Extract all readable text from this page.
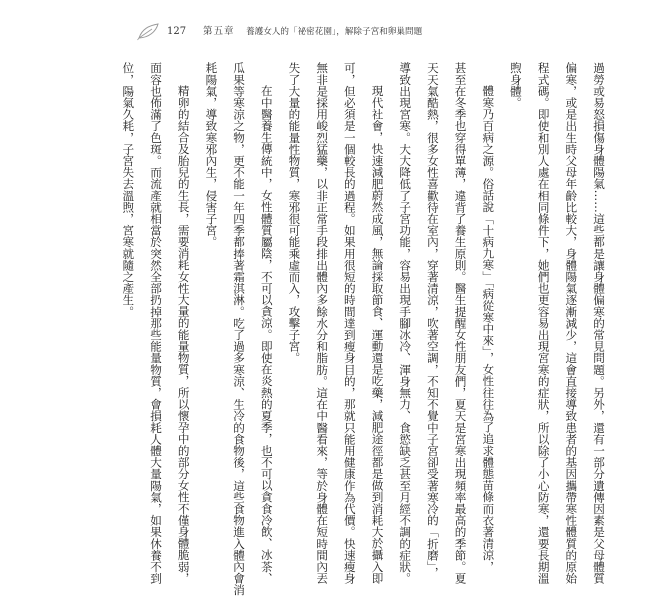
127 第五章 養護女人的「祕密花園」，解除子宮和卵巢問題
過勞或易怒損傷身體陽氣……這些都是讓身體偏寒的常見問題。另外，還有一部分遺傳因素是父母體質
偏寒，或是出生時父母年齡比較大，身體陽氣逐漸減少，這會直接導致患者的基因攜帶寒性體質的原始
程式碼。即使和別人處在相同條件下，她們也更容易出現宮寒的症狀，所以除了小心防寒，還要長期溫
煦身體。
體寒乃百病之源。俗話說「十病九寒」「病從寒中來」，女性往往為了追求體態苗條而衣著清涼，
甚至在冬季也穿得單薄，違背了養生原則。醫生提醒女性朋友們，夏天是宮寒出現頻率最高的季節。夏
天天氣酷熱，很多女性喜歡待在室內，穿著清涼，吹著空調，不知不覺中子宮卻受著寒冷的「折磨」，
導致出現宮寒。大大降低了子宮功能，容易出現手腳冰冷、渾身無力、食慾缺乏甚至月經不調的症狀。
現代社會，快速減肥蔚然成風，無論採取節食、運動還是吃藥，減肥途徑都是做到消耗大於攝入即
可，但必須是一個較長的過程。如果用很短的時間達到瘦身目的，那就只能用健康作為代價。快速瘦身
無非是採用峻烈猛藥，以非正常手段排出體內多餘水分和脂肪。這在中醫看來，等於身體在短時間內丟
失了大量的能量性物質，寒邪很可能乘虛而入，攻擊子宮。
在中醫養生傳統中，女性體質屬陰，不可以貪涼。即使在炎熱的夏季，也不可以貪食冷飲、冰茶、
瓜果等寒涼之物，更不能一年四季都捧著霜淇淋。吃了過多寒涼、生冷的食物後，這些食物進入體內會消
耗陽氣，導致寒邪內生，侵害子宮。
精卵的結合及胎兒的生長，需要消耗女性大量的能量物質，所以懷孕中的部分女性不僅身體脆弱，
面容也佈滿了色斑。而流產就相當於突然全部扔掉那些能量物質，會損耗人體大量陽氣，如果休養不到
位，陽氣久耗，子宮失去溫煦，宮寒就隨之產生。
